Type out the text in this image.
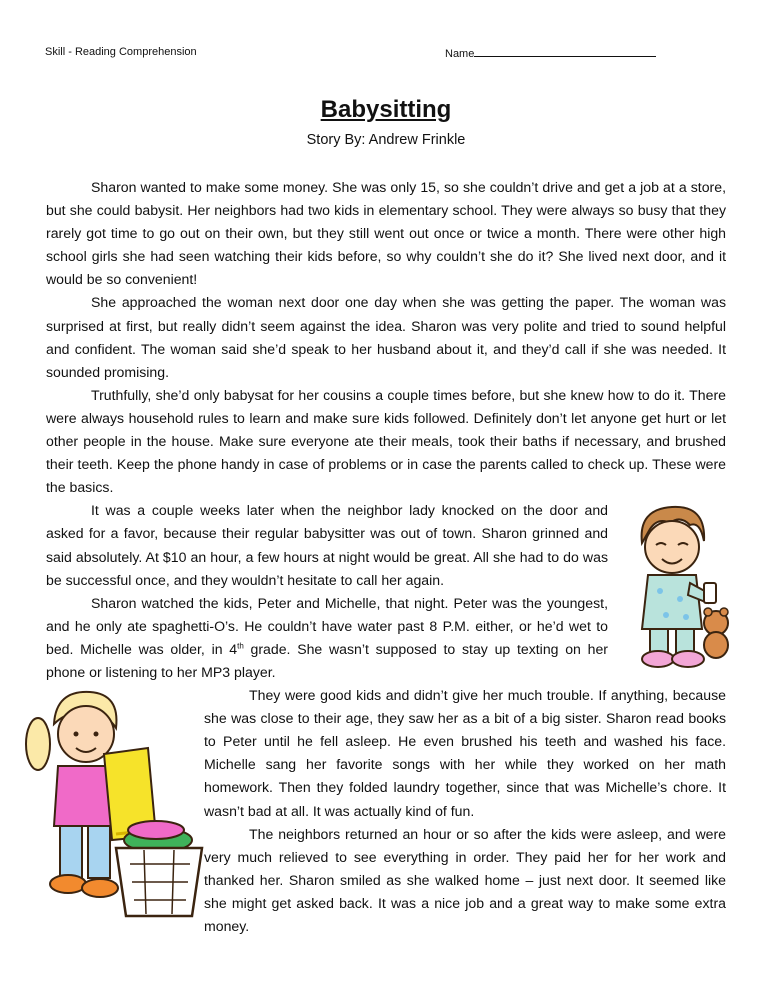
Skill - Reading Comprehension	Name
Babysitting
Story By: Andrew Frinkle

Sharon wanted to make some money. She was only 15, so she couldn’t drive and get a job at a store, but she could babysit. Her neighbors had two kids in elementary school. They were always so busy that they rarely got time to go out on their own, but they still went out once or twice a month. There were other high school girls she had seen watching their kids before, so why couldn’t she do it? She lived next door, and it would be so convenient!

She approached the woman next door one day when she was getting the paper. The woman was surprised at first, but really didn’t seem against the idea. Sharon was very polite and tried to sound helpful and confident. The woman said she’d speak to her husband about it, and they’d call if she was needed. It sounded promising.

Truthfully, she’d only babysat for her cousins a couple times before, but she knew how to do it. There were always household rules to learn and make sure kids followed. Definitely don’t let anyone get hurt or let other people in the house. Make sure everyone ate their meals, took their baths if necessary, and brushed their teeth. Keep the phone handy in case of problems or in case the parents called to check up. These were the basics.

It was a couple weeks later when the neighbor lady knocked on the door and asked for a favor, because their regular babysitter was out of town. Sharon grinned and said absolutely. At $10 an hour, a few hours at night would be great. All she had to do was be successful once, and they wouldn’t hesitate to call her again.

Sharon watched the kids, Peter and Michelle, that night. Peter was the youngest, and he only ate spaghetti-O’s. He couldn’t have water past 8 P.M. either, or he’d wet to bed. Michelle was older, in 4th grade. She wasn’t supposed to stay up texting on her phone or listening to her MP3 player.

They were good kids and didn’t give her much trouble. If anything, because she was close to their age, they saw her as a bit of a big sister. Sharon read books to Peter until he fell asleep. He even brushed his teeth and washed his face. Michelle sang her favorite songs with her while they worked on her math homework. Then they folded laundry together, since that was Michelle’s chore. It wasn’t bad at all. It was actually kind of fun.

The neighbors returned an hour or so after the kids were asleep, and were very much relieved to see everything in order. They paid her for her work and thanked her. Sharon smiled as she walked home – just next door. It seemed like she might get asked back. It was a nice job and a great way to make some extra money.
